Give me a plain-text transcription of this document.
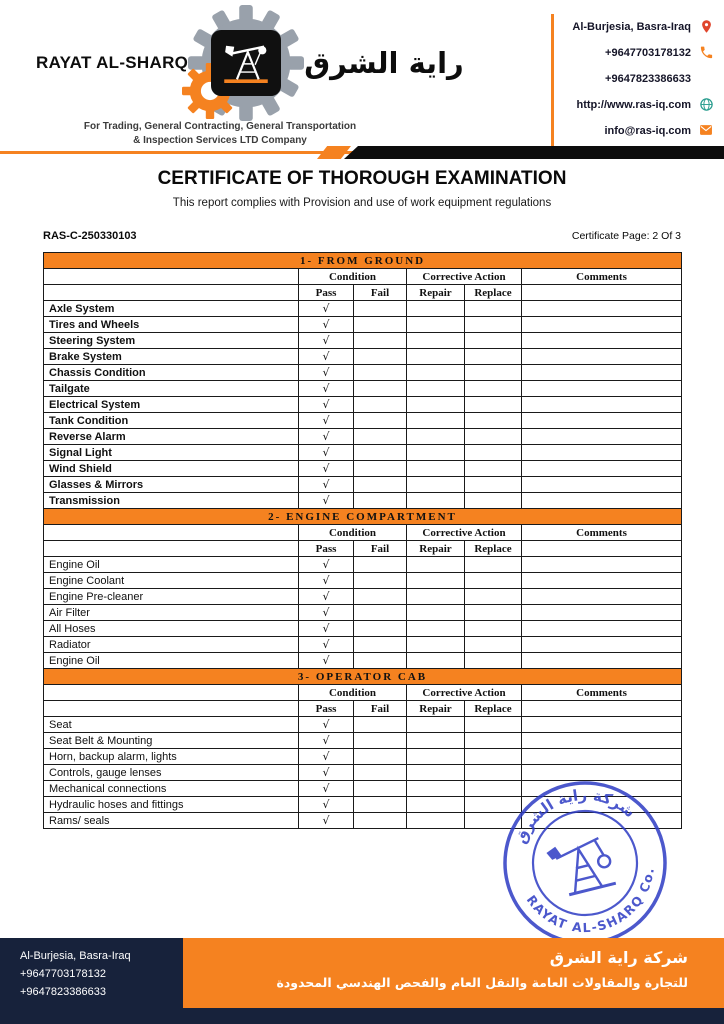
RAYAT AL-SHARQ	راية الشرق
For Trading, General Contracting, General Transportation
& Inspection Services LTD Company
Al-Burjesia, Basra-Iraq
+9647703178132
+9647823386633
http://www.ras-iq.com
info@ras-iq.com
CERTIFICATE OF THOROUGH EXAMINATION

This report complies with Provision and use of work equipment regulations

RAS-C-250330103	Certificate Page: 2 Of 3
1- FROM GROUND					
	Condition		Corrective Action		Comments
	Pass	Fail	Repair	Replace	
Axle System	√				
Tires and Wheels	√				
Steering System	√				
Brake System	√				
Chassis Condition	√				
Tailgate	√				
Electrical System	√				
Tank Condition	√				
Reverse Alarm	√				
Signal Light	√				
Wind Shield	√				
Glasses & Mirrors	√				
Transmission	√				
2- ENGINE COMPARTMENT					
	Condition		Corrective Action		Comments
	Pass	Fail	Repair	Replace	
Engine Oil	√				
Engine Coolant	√				
Engine Pre-cleaner	√				
Air Filter	√				
All Hoses	√				
Radiator	√				
Engine Oil	√				
3- OPERATOR CAB					
	Condition		Corrective Action		Comments
	Pass	Fail	Repair	Replace	
Seat	√				
Seat Belt & Mounting	√				
Horn, backup alarm, lights	√				
Controls, gauge lenses	√				
Mechanical connections	√				
Hydraulic hoses and fittings	√				
Rams/ seals	√				
شركة راية الشرق
RAYAT AL-SHARQ Co.
Al-Burjesia, Basra-Iraq
+9647703178132
+9647823386633
شركة راية الشرق
للتجارة والمقاولات العامة والنقل العام والفحص الهندسي المحدودة
